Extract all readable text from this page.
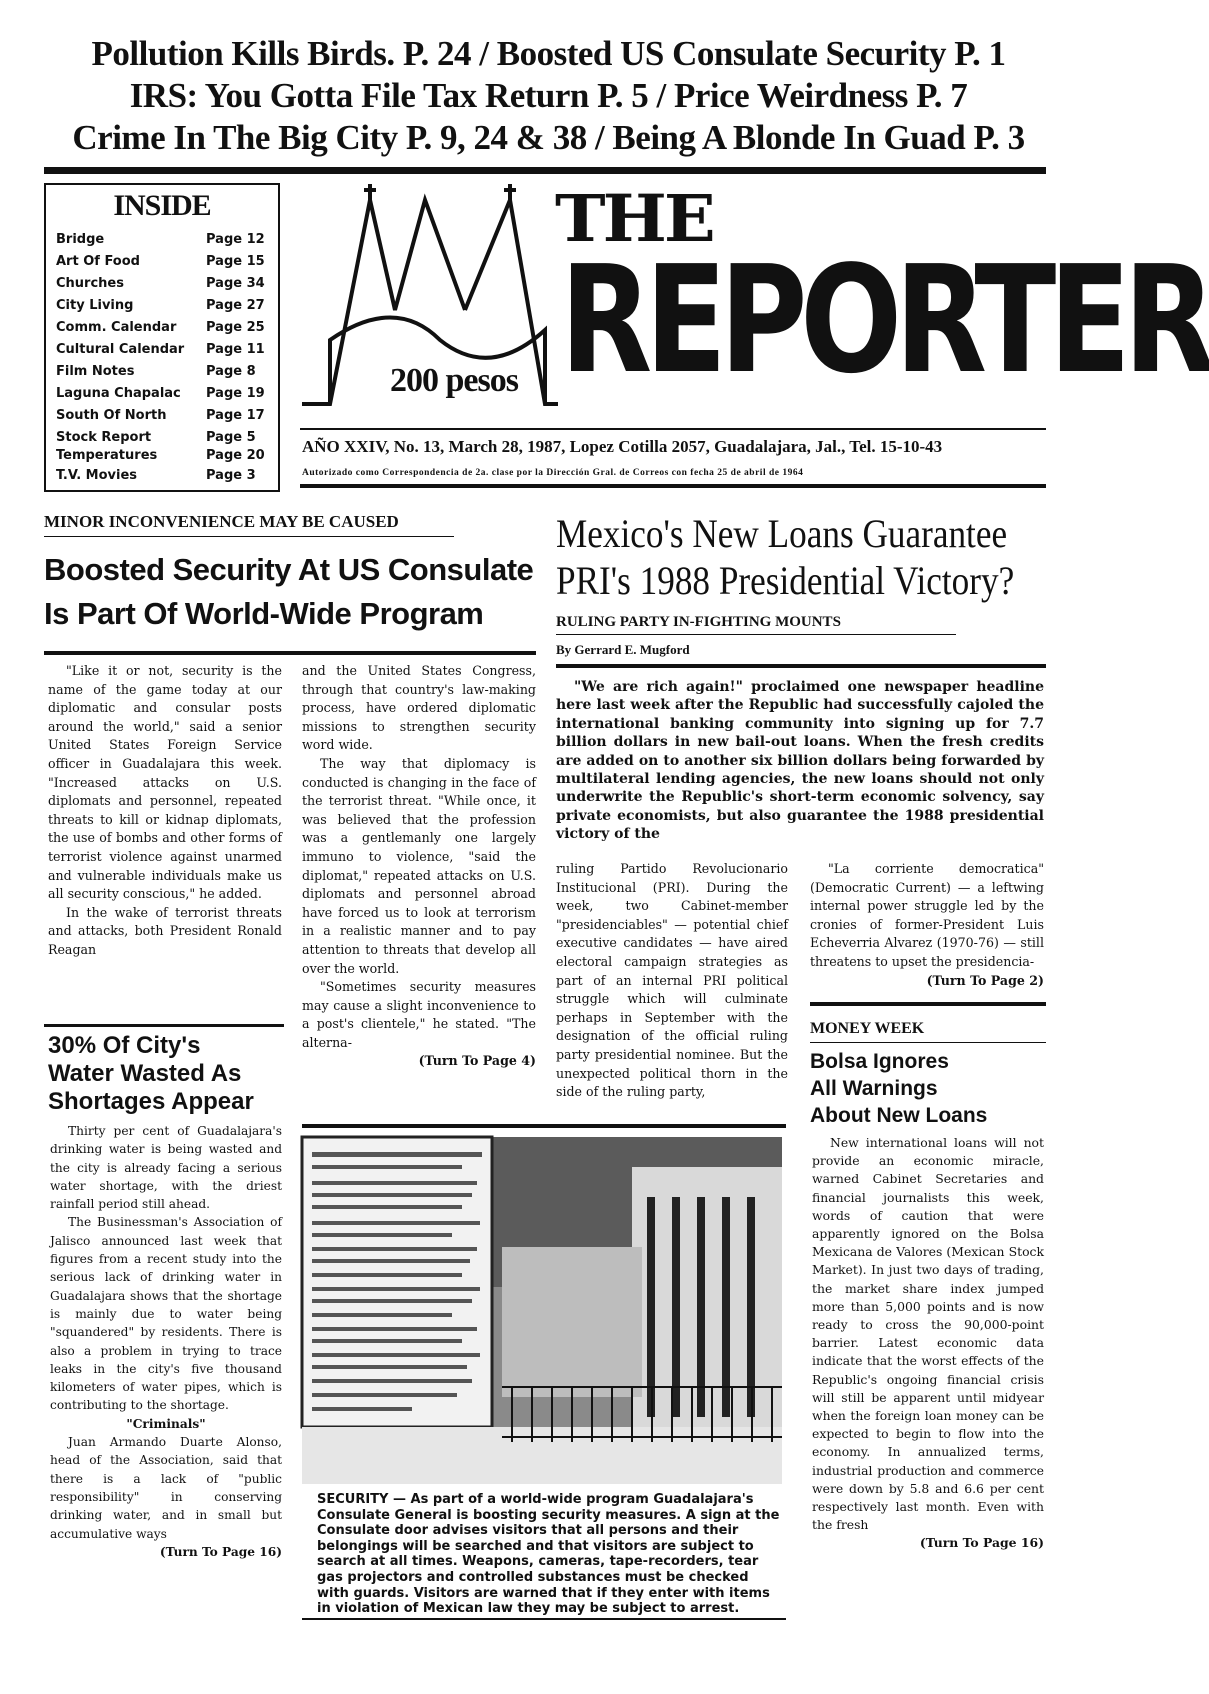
Pollution Kills Birds. P. 24 / Boosted US Consulate Security P. 1
IRS: You Gotta File Tax Return P. 5 / Price Weirdness P. 7
Crime In The Big City P. 9, 24 & 38 / Being A Blonde In Guad P. 3
INSIDE
Bridge	Page 12
Art Of Food	Page 15
Churches	Page 34
City Living	Page 27
Comm. Calendar Page 25
Cultural Calendar Page 11
Film Notes	Page 8
Laguna Chapalac Page 19
South Of North	Page 17
Stock Report	Page 5
Temperatures	Page 20
T.V. Movies	Page 3
THE
REPORTER
200 pesos
AÑO XXIV, No. 13, March 28, 1987, Lopez Cotilla 2057, Guadalajara, Jal., Tel. 15-10-43
Autorizado como Correspondencia de 2a. clase por la Dirección Gral. de Correos con fecha 25 de abril de 1964
MINOR INCONVENIENCE MAY BE CAUSED
Boosted Security At US Consulate
Is Part Of World-Wide Program

"Like it or not, security is the name of the game today at our diplomatic and consular posts around the world," said a senior United States Foreign Service officer in Guadalajara this week. "Increased attacks on U.S. diplomats and personnel, repeated threats to kill or kidnap diplomats, the use of bombs and other forms of terrorist violence against unarmed and vulnerable individuals make us all security conscious," he added.

In the wake of terrorist threats and attacks, both President Ronald Reagan

and the United States Congress, through that country's law-making process, have ordered diplomatic missions to strengthen security word wide.

The way that diplomacy is conducted is changing in the face of the terrorist threat. "While once, it was believed that the profession was a gentlemanly one largely immuno to violence, "said the diplomat," repeated attacks on U.S. diplomats and personnel abroad have forced us to look at terrorism in a realistic manner and to pay attention to threats that develop all over the world.

"Sometimes security measures may cause a slight inconvenience to a post's clientele," he stated. "The alterna-

(Turn To Page 4)

Mexico's New Loans Guarantee
PRI's 1988 Presidential Victory?
RULING PARTY IN-FIGHTING MOUNTS
By Gerrard E. Mugford

"We are rich again!" proclaimed one newspaper headline here last week after the Republic had successfully cajoled the international banking community into signing up for 7.7 billion dollars in new bail-out loans. When the fresh credits are added on to another six billion dollars being forwarded by multilateral lending agencies, the new loans should not only underwrite the Republic's short-term economic solvency, say private economists, but also guarantee the 1988 presidential victory of the

ruling Partido Revolucionario Institucional (PRI). During the week, two Cabinet-member "presidenciables" — potential chief executive candidates — have aired electoral campaign strategies as part of an internal PRI political struggle which will culminate perhaps in September with the designation of the official ruling party presidential nominee. But the unexpected political thorn in the side of the ruling party,

"La corriente democratica" (Democratic Current) — a leftwing internal power struggle led by the cronies of former-President Luis Echeverria Alvarez (1970-76) — still threatens to upset the presidencia-

(Turn To Page 2)

30% Of City's
Water Wasted As
Shortages Appear

Thirty per cent of Guadalajara's drinking water is being wasted and the city is already facing a serious water shortage, with the driest rainfall period still ahead.

The Businessman's Association of Jalisco announced last week that figures from a recent study into the serious lack of drinking water in Guadalajara shows that the shortage is mainly due to water being "squandered" by residents. There is also a problem in trying to trace leaks in the city's five thousand kilometers of water pipes, which is contributing to the shortage.

"Criminals"

Juan Armando Duarte Alonso, head of the Association, said that there is a lack of "public responsibility" in conserving drinking water, and in small but accumulative ways

(Turn To Page 16)

SECURITY — As part of a world-wide program Guadalajara's Consulate General is boosting security measures. A sign at the Consulate door advises visitors that all persons and their belongings will be searched and that visitors are subject to search at all times. Weapons, cameras, tape-recorders, tear gas projectors and controlled substances must be checked with guards. Visitors are warned that if they enter with items in violation of Mexican law they may be subject to arrest.
MONEY WEEK
Bolsa Ignores
All Warnings
About New Loans

New international loans will not provide an economic miracle, warned Cabinet Secretaries and financial journalists this week, words of caution that were apparently ignored on the Bolsa Mexicana de Valores (Mexican Stock Market). In just two days of trading, the market share index jumped more than 5,000 points and is now ready to cross the 90,000-point barrier. Latest economic data indicate that the worst effects of the Republic's ongoing financial crisis will still be apparent until midyear when the foreign loan money can be expected to begin to flow into the economy. In annualized terms, industrial production and commerce were down by 5.8 and 6.6 per cent respectively last month. Even with the fresh

(Turn To Page 16)
